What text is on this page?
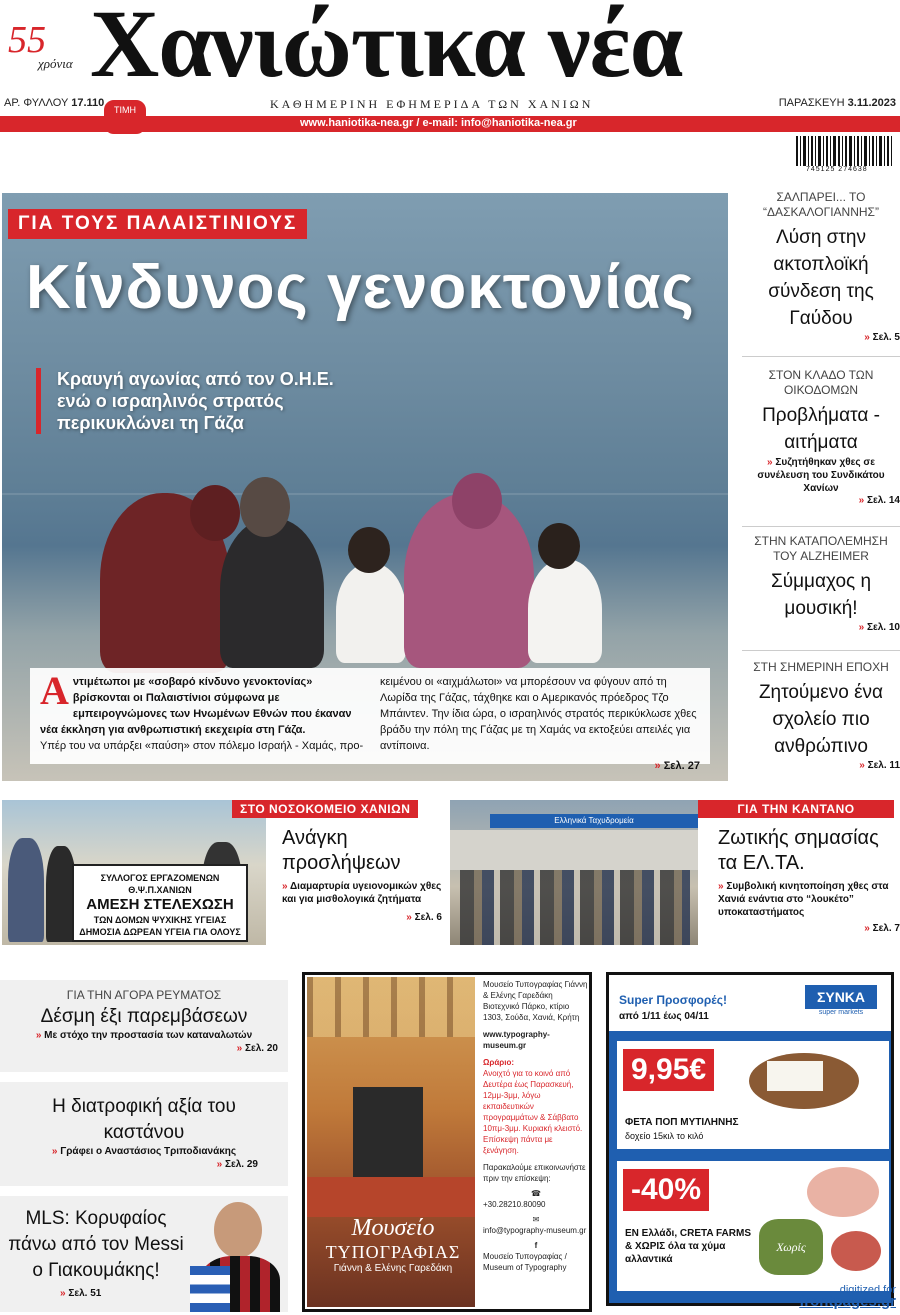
55
χρόνια Χανιώτικα νέα
ΑΡ. ΦΥΛΛΟΥ 17.110
ΤΙΜΗ	ΚΑΘΗΜΕΡΙΝΗ ΕΦΗΜΕΡΙΔΑ ΤΩΝ ΧΑΝΙΩΝ	ΠΑΡΑΣΚΕΥΗ 3.11.2023
www.haniotika-nea.gr / e-mail: info@haniotika-nea.gr
745125 274638
ΓΙΑ ΤΟΥΣ ΠΑΛΑΙΣΤΙΝΙΟΥΣ
Κίνδυνος γενοκτονίας
Κραυγή αγωνίας από τον Ο.Η.Ε. ενώ ο ισραηλινός στρατός περικυκλώνει τη Γάζα
Αντιμέτωποι με «σοβαρό κίνδυνο γενοκτονίας» βρίσκονται οι Παλαιστίνιοι σύμφωνα με εμπειρογνώμονες των Ηνωμένων Εθνών που έκαναν νέα έκκληση για ανθρωπιστική εκεχειρία στη Γάζα.
Υπέρ του να υπάρξει «παύση» στον πόλεμο Ισραήλ - Χαμάς, προ-
κειμένου οι «αιχμάλωτοι» να μπορέσουν να φύγουν από τη Λωρίδα της Γάζας, τάχθηκε και ο Αμερικανός πρόεδρος Τζο Μπάιντεν. Την ίδια ώρα, ο ισραηλινός στρατός περικύκλωσε χθες βράδυ την πόλη της Γάζας με τη Χαμάς να εκτοξεύει απειλές για αντίποινα.
» Σελ. 27
ΣΑΛΠΑΡΕΙ... ΤΟ “ΔΑΣΚΑΛΟΓΙΑΝΝΗΣ”
Λύση στην ακτοπλοϊκή σύνδεση της Γαύδου
» Σελ. 5
ΣΤΟΝ ΚΛΑΔΟ ΤΩΝ ΟΙΚΟΔΟΜΩΝ
Προβλήματα - αιτήματα
» Συζητήθηκαν χθες σε συνέλευση του Συνδικάτου Χανίων
» Σελ. 14
ΣΤΗΝ ΚΑΤΑΠΟΛΕΜΗΣΗ ΤΟΥ ALZHEIMER
Σύμμαχος η μουσική!
» Σελ. 10
ΣΤΗ ΣΗΜΕΡΙΝΗ ΕΠΟΧΗ
Ζητούμενο ένα σχολείο πιο ανθρώπινο
» Σελ. 11
ΣΥΛΛΟΓΟΣ ΕΡΓΑΖΟΜΕΝΩΝ Θ.Ψ.Π.ΧΑΝΙΩΝ
ΑΜΕΣΗ ΣΤΕΛΕΧΩΣΗ
ΤΩΝ ΔΟΜΩΝ ΨΥΧΙΚΗΣ ΥΓΕΙΑΣ
ΔΗΜΟΣΙΑ ΔΩΡΕΑΝ ΥΓΕΙΑ ΓΙΑ ΟΛΟΥΣ
ΣΤΟ ΝΟΣΟΚΟΜΕΙΟ ΧΑΝΙΩΝ
Ανάγκη προσλήψεων
» Διαμαρτυρία υγειονομικών χθες και για μισθολογικά ζητήματα
» Σελ. 6
Ελληνικά Ταχυδρομεία
ΓΙΑ ΤΗΝ ΚΑΝΤΑΝΟ
Ζωτικής σημασίας τα ΕΛ.ΤΑ.
» Συμβολική κινητοποίηση χθες στα Χανιά ενάντια στο “λουκέτο” υποκαταστήματος
» Σελ. 7
ΓΙΑ ΤΗΝ ΑΓΟΡΑ ΡΕΥΜΑΤΟΣ
Δέσμη έξι παρεμβάσεων
» Με στόχο την προστασία των καταναλωτών
» Σελ. 20
Η διατροφική αξία του καστάνου
» Γράφει ο Αναστάσιος Τριποδιανάκης
» Σελ. 29
MLS: Κορυφαίος πάνω από τον Messi ο Γιακουμάκης!
» Σελ. 51
Μουσείο
ΤΥΠΟΓΡΑΦΙΑΣ
Γιάννη & Ελένης Γαρεδάκη
Μουσείο Τυπογραφίας Γιάννη & Ελένης Γαρεδάκη Βιοτεχνικό Πάρκο, κτίριο 1303, Σούδα, Χανιά, Κρήτη
www.typography-museum.gr
Ωράριο:
Ανοιχτό για το κοινό από Δευτέρα έως Παρασκευή, 12μμ-3μμ, λόγω εκπαιδευτικών προγραμμάτων & Σάββατο 10πμ-3μμ. Κυριακή κλειστό. Επίσκεψη πάντα με ξενάγηση.
Παρακαλούμε επικοινωνήστε πριν την επίσκεψη:
☎
+30.28210.80090
✉
info@typography-museum.gr
f
Μουσείο Τυπογραφίας / Museum of Typography
Super Προσφορές!
από 1/11 έως 04/11
ΣΥΝΚΑ
super markets
9,95€
ΦΕΤΑ ΠΟΠ ΜΥΤΙΛΗΝΗΣ
δοχείο 15κιλ το κιλό
-40%
Χωρίς
ΕΝ Ελλάδι, CRETA FARMS & ΧΩΡΙΣ όλα τα χύμα αλλαντικά
digitized for
frontpages.gr
